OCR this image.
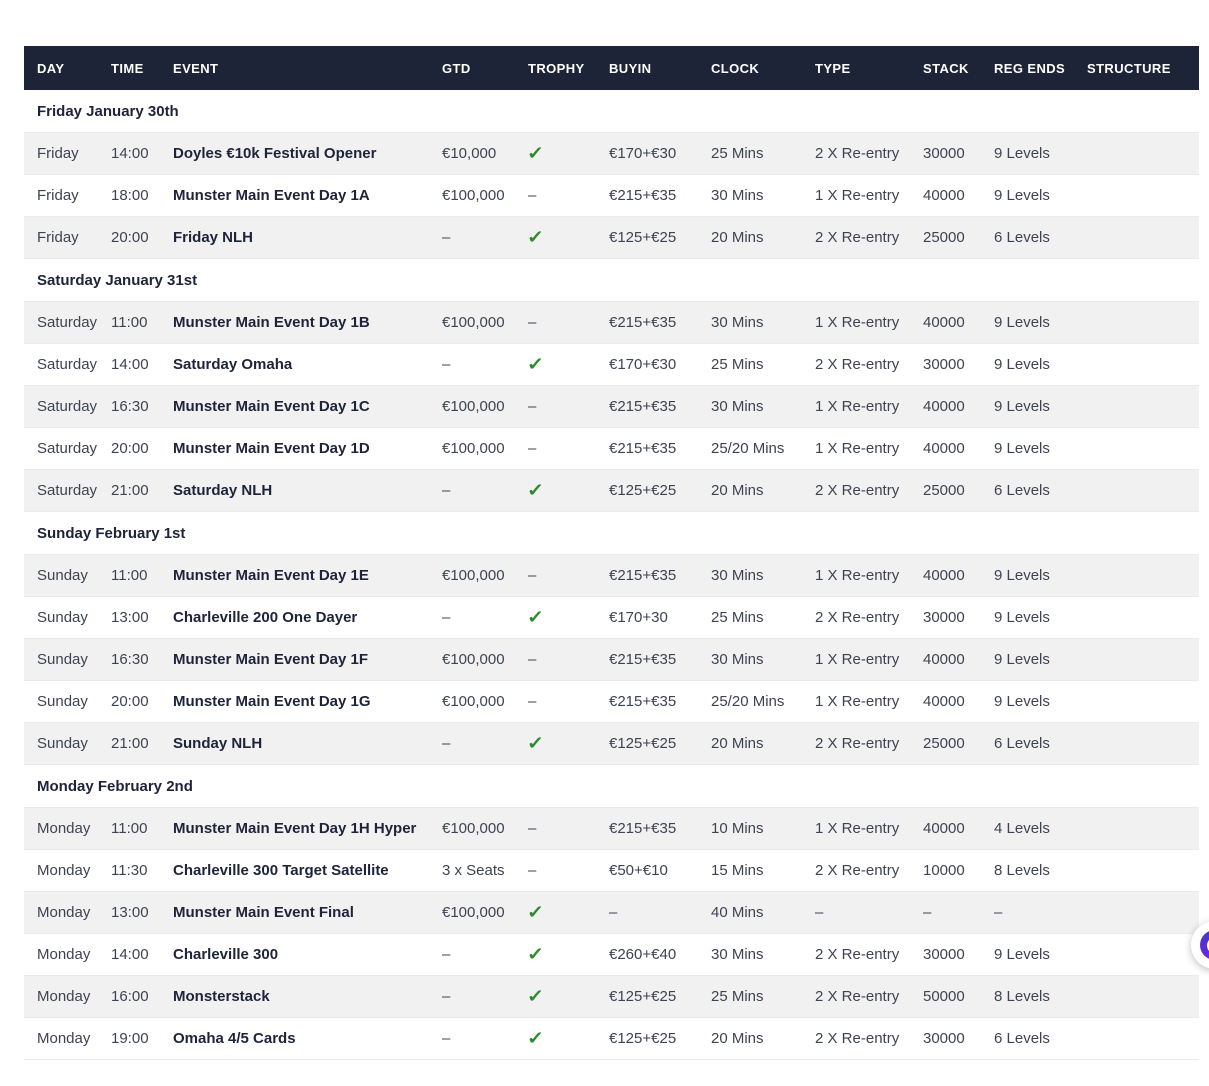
DAY	TIME	EVENT	GTD	TROPHY	BUYIN	CLOCK	TYPE	STACK	REG ENDS	STRUCTURE
Friday January 30th										
Friday	14:00	Doyles €10k Festival Opener	€10,000	✓	€170+€30	25 Mins	2 X Re-entry	30000	9 Levels	
Friday	18:00	Munster Main Event Day 1A	€100,000	–	€215+€35	30 Mins	1 X Re-entry	40000	9 Levels	
Friday	20:00	Friday NLH	–	✓	€125+€25	20 Mins	2 X Re-entry	25000	6 Levels	
Saturday January 31st										
Saturday	11:00	Munster Main Event Day 1B	€100,000	–	€215+€35	30 Mins	1 X Re-entry	40000	9 Levels	
Saturday	14:00	Saturday Omaha	–	✓	€170+€30	25 Mins	2 X Re-entry	30000	9 Levels	
Saturday	16:30	Munster Main Event Day 1C	€100,000	–	€215+€35	30 Mins	1 X Re-entry	40000	9 Levels	
Saturday	20:00	Munster Main Event Day 1D	€100,000	–	€215+€35	25/20 Mins	1 X Re-entry	40000	9 Levels	
Saturday	21:00	Saturday NLH	–	✓	€125+€25	20 Mins	2 X Re-entry	25000	6 Levels	
Sunday February 1st										
Sunday	11:00	Munster Main Event Day 1E	€100,000	–	€215+€35	30 Mins	1 X Re-entry	40000	9 Levels	
Sunday	13:00	Charleville 200 One Dayer	–	✓	€170+30	25 Mins	2 X Re-entry	30000	9 Levels	
Sunday	16:30	Munster Main Event Day 1F	€100,000	–	€215+€35	30 Mins	1 X Re-entry	40000	9 Levels	
Sunday	20:00	Munster Main Event Day 1G	€100,000	–	€215+€35	25/20 Mins	1 X Re-entry	40000	9 Levels	
Sunday	21:00	Sunday NLH	–	✓	€125+€25	20 Mins	2 X Re-entry	25000	6 Levels	
Monday February 2nd										
Monday	11:00	Munster Main Event Day 1H Hyper	€100,000	–	€215+€35	10 Mins	1 X Re-entry	40000	4 Levels	
Monday	11:30	Charleville 300 Target Satellite	3 x Seats	–	€50+€10	15 Mins	2 X Re-entry	10000	8 Levels	
Monday	13:00	Munster Main Event Final	€100,000	✓	–	40 Mins	–	–	–	
Monday	14:00	Charleville 300	–	✓	€260+€40	30 Mins	2 X Re-entry	30000	9 Levels	
Monday	16:00	Monsterstack	–	✓	€125+€25	25 Mins	2 X Re-entry	50000	8 Levels	
Monday	19:00	Omaha 4/5 Cards	–	✓	€125+€25	20 Mins	2 X Re-entry	30000	6 Levels	
